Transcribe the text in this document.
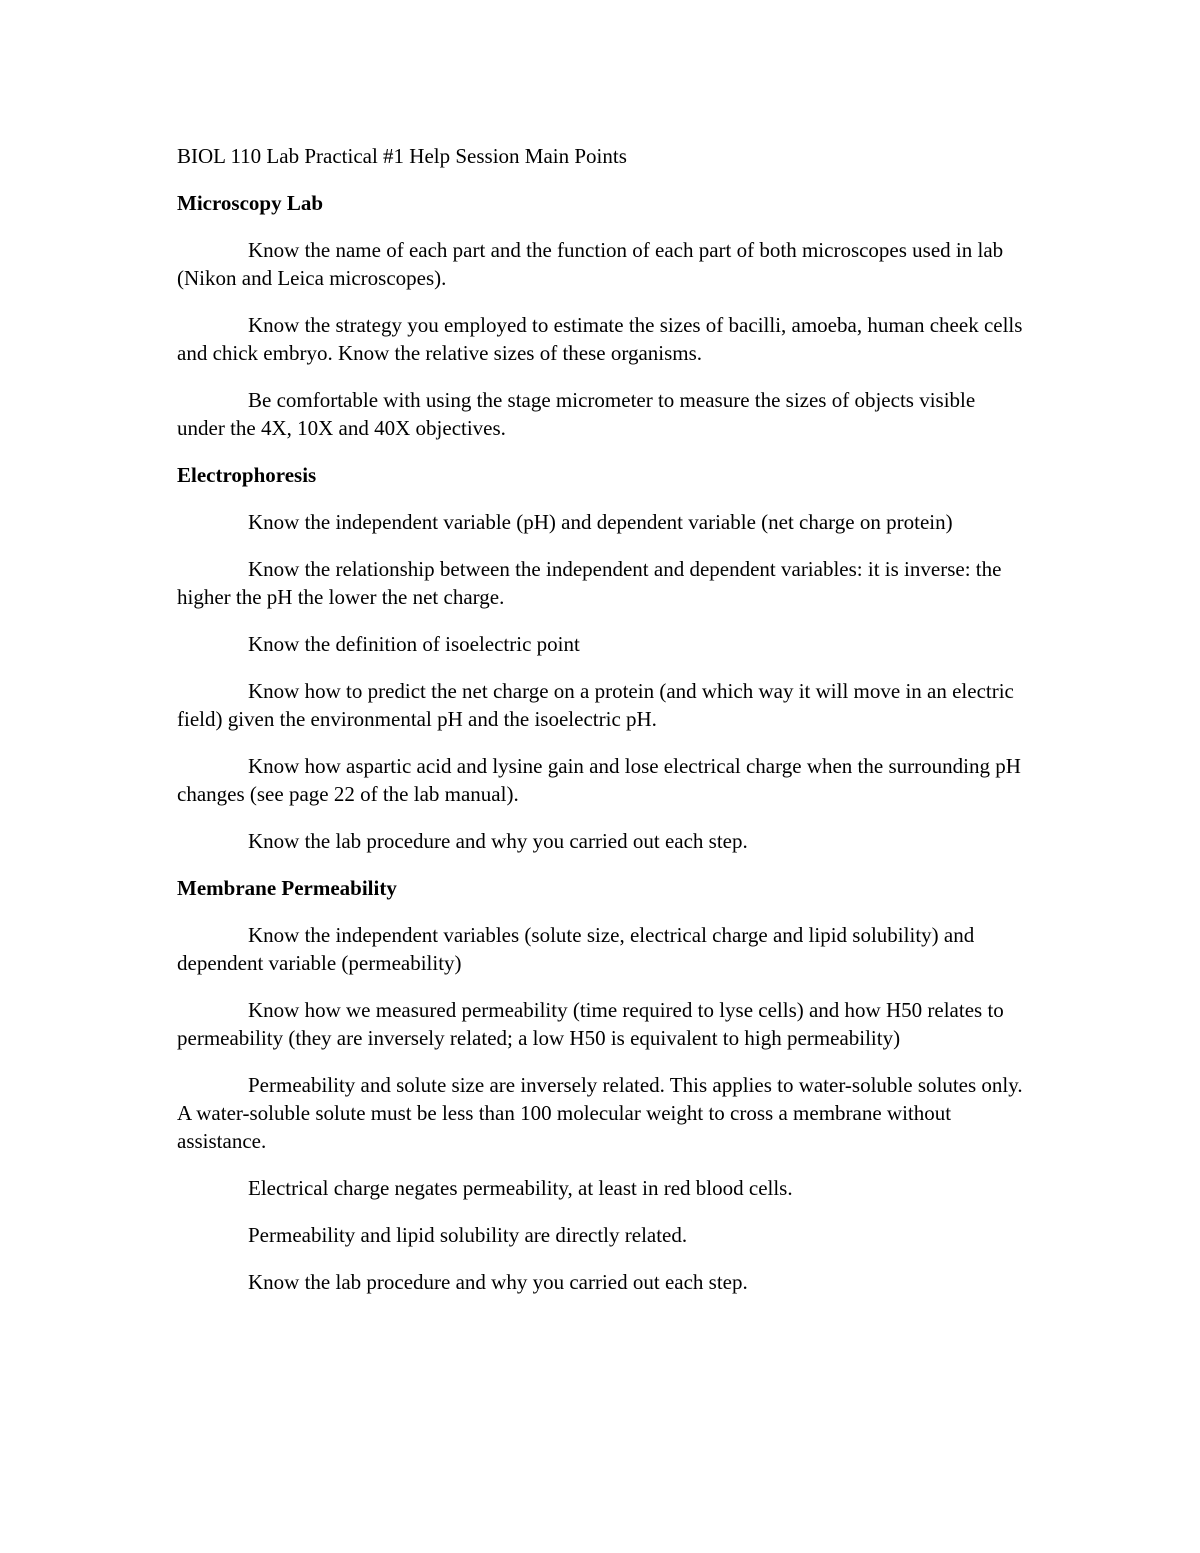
BIOL 110 Lab Practical #1 Help Session Main Points

Microscopy Lab

Know the name of each part and the function of each part of both microscopes used in lab (Nikon and Leica microscopes).

Know the strategy you employed to estimate the sizes of bacilli, amoeba, human cheek cells and chick embryo. Know the relative sizes of these organisms.

Be comfortable with using the stage micrometer to measure the sizes of objects visible under the 4X, 10X and 40X objectives.

Electrophoresis

Know the independent variable (pH) and dependent variable (net charge on protein)

Know the relationship between the independent and dependent variables: it is inverse: the higher the pH the lower the net charge.

Know the definition of isoelectric point

Know how to predict the net charge on a protein (and which way it will move in an electric field) given the environmental pH and the isoelectric pH.

Know how aspartic acid and lysine gain and lose electrical charge when the surrounding pH changes (see page 22 of the lab manual).

Know the lab procedure and why you carried out each step.

Membrane Permeability

Know the independent variables (solute size, electrical charge and lipid solubility) and dependent variable (permeability)

Know how we measured permeability (time required to lyse cells) and how H50 relates to permeability (they are inversely related; a low H50 is equivalent to high permeability)

Permeability and solute size are inversely related. This applies to water-soluble solutes only. A water-soluble solute must be less than 100 molecular weight to cross a membrane without assistance.

Electrical charge negates permeability, at least in red blood cells.

Permeability and lipid solubility are directly related.

Know the lab procedure and why you carried out each step.
